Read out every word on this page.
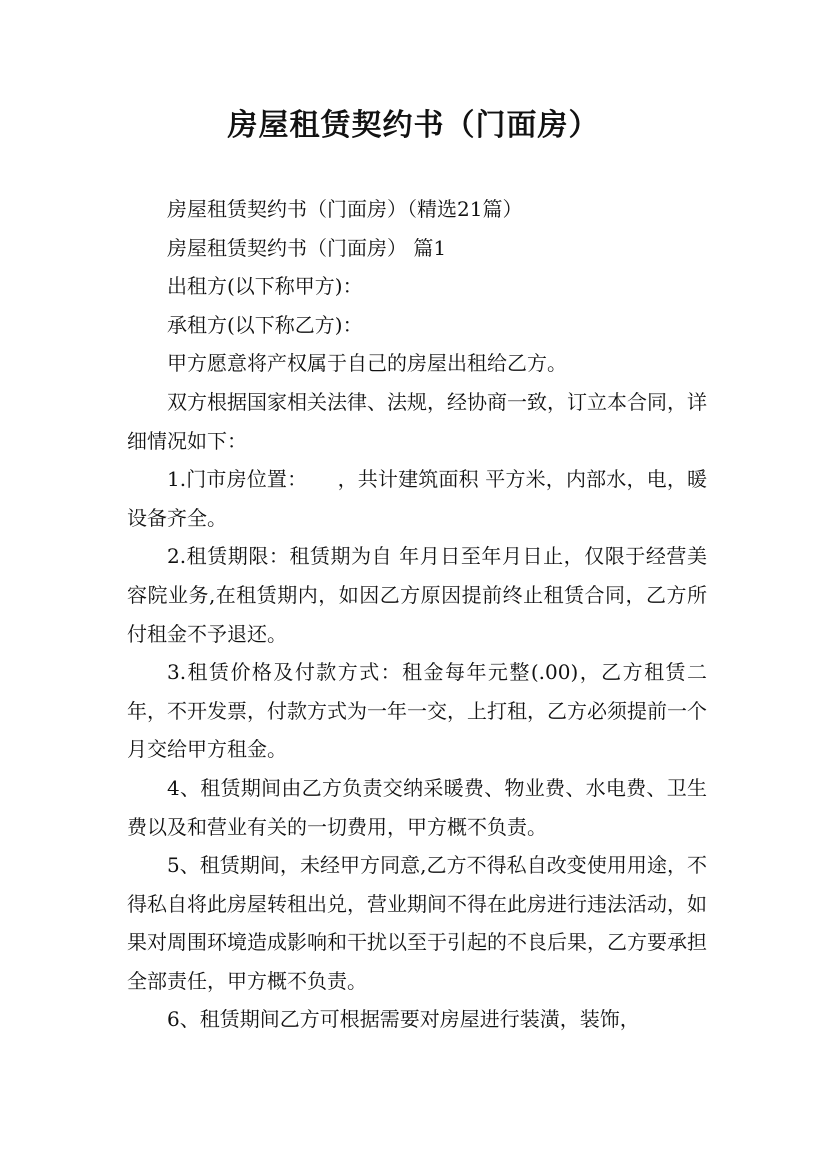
房屋租赁契约书（门面房）

房屋租赁契约书（门面房）（精选21篇）

房屋租赁契约书（门面房） 篇1

出租方(以下称甲方)：

承租方(以下称乙方)：

甲方愿意将产权属于自己的房屋出租给乙方。

双方根据国家相关法律、法规，经协商一致，订立本合同，详细情况如下：

1.门市房位置：　　，共计建筑面积 平方米，内部水，电，暖设备齐全。

2.租赁期限：租赁期为自 年月日至年月日止，仅限于经营美容院业务,在租赁期内，如因乙方原因提前终止租赁合同，乙方所付租金不予退还。

3.租赁价格及付款方式：租金每年元整(.00)，乙方租赁二年，不开发票，付款方式为一年一交，上打租，乙方必须提前一个月交给甲方租金。

4、租赁期间由乙方负责交纳采暖费、物业费、水电费、卫生费以及和营业有关的一切费用，甲方概不负责。

5、租赁期间，未经甲方同意,乙方不得私自改变使用用途，不得私自将此房屋转租出兑，营业期间不得在此房进行违法活动，如果对周围环境造成影响和干扰以至于引起的不良后果，乙方要承担全部责任，甲方概不负责。

6、租赁期间乙方可根据需要对房屋进行装潢，装饰，
